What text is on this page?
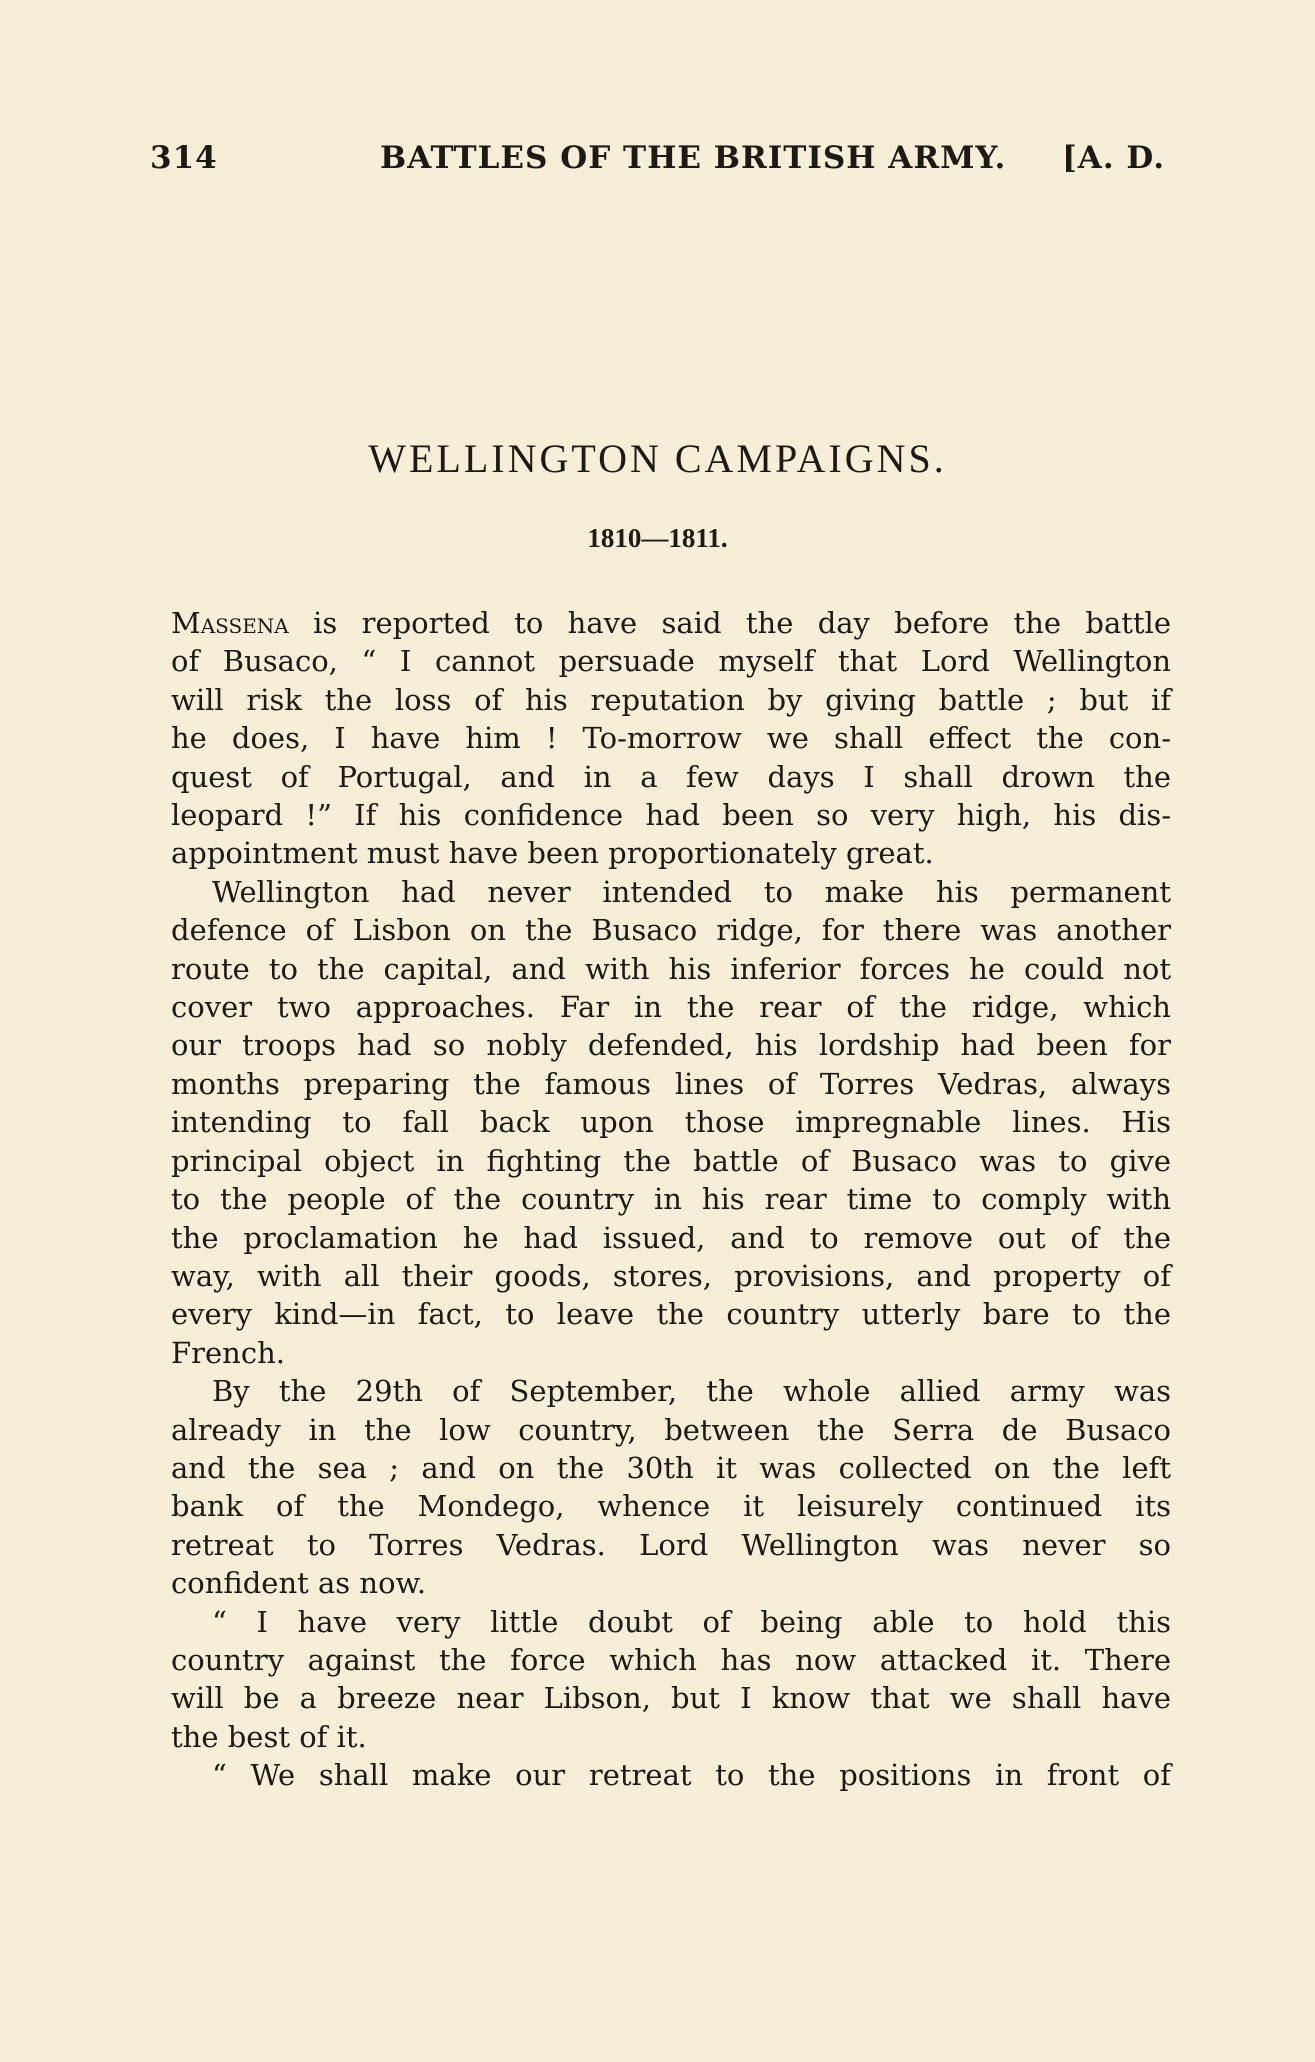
314	BATTLES OF THE BRITISH ARMY. [A. D.
WELLINGTON CAMPAIGNS.
1810—1811.
Massena is reported to have said the day before the battle
of Busaco, “ I cannot persuade myself that Lord Wellington
will risk the loss of his reputation by giving battle ; but if
he does, I have him ! To-morrow we shall effect the con-
quest of Portugal, and in a few days I shall drown the
leopard !” If his confidence had been so very high, his dis-
appointment must have been proportionately great.
Wellington had never intended to make his permanent
defence of Lisbon on the Busaco ridge, for there was another
route to the capital, and with his inferior forces he could not
cover two approaches. Far in the rear of the ridge, which
our troops had so nobly defended, his lordship had been for
months preparing the famous lines of Torres Vedras, always
intending to fall back upon those impregnable lines. His
principal object in fighting the battle of Busaco was to give
to the people of the country in his rear time to comply with
the proclamation he had issued, and to remove out of the
way, with all their goods, stores, provisions, and property of
every kind—in fact, to leave the country utterly bare to the
French.
By the 29th of September, the whole allied army was
already in the low country, between the Serra de Busaco
and the sea ; and on the 30th it was collected on the left
bank of the Mondego, whence it leisurely continued its
retreat to Torres Vedras. Lord Wellington was never so
confident as now.
“ I have very little doubt of being able to hold this
country against the force which has now attacked it. There
will be a breeze near Libson, but I know that we shall have
the best of it.
“ We shall make our retreat to the positions in front of
